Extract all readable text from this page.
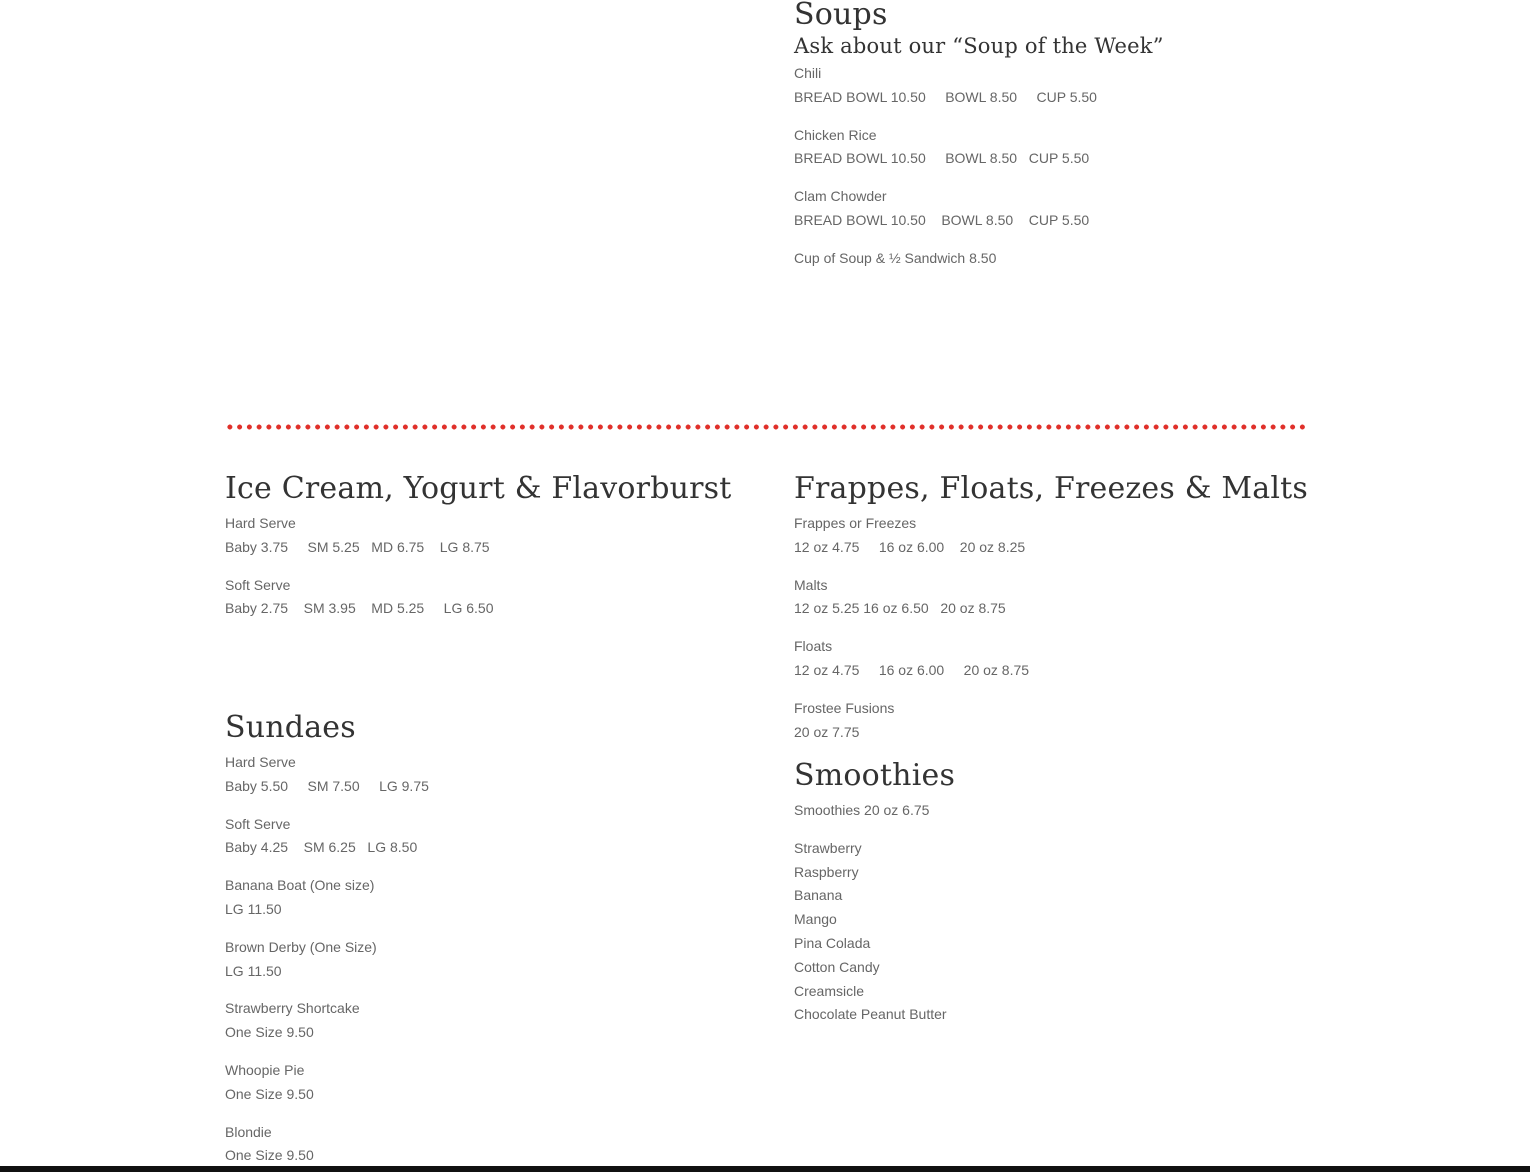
Soups
Ask about our “Soup of the Week”
Chili
BREAD BOWL 10.50     BOWL 8.50     CUP 5.50
Chicken Rice
BREAD BOWL 10.50     BOWL 8.50   CUP 5.50
Clam Chowder
BREAD BOWL 10.50    BOWL 8.50    CUP 5.50
Cup of Soup & ½ Sandwich 8.50
Ice Cream, Yogurt & Flavorburst
Hard Serve
Baby 3.75     SM 5.25   MD 6.75    LG 8.75
Soft Serve
Baby 2.75    SM 3.95    MD 5.25     LG 6.50
Sundaes
Hard Serve
Baby 5.50     SM 7.50     LG 9.75
Soft Serve
Baby 4.25    SM 6.25   LG 8.50
Banana Boat (One size)
LG 11.50
Brown Derby (One Size)
LG 11.50
Strawberry Shortcake
One Size 9.50
Whoopie Pie
One Size 9.50
Blondie
One Size 9.50
Frappes, Floats, Freezes & Malts
Frappes or Freezes
12 oz 4.75     16 oz 6.00    20 oz 8.25
Malts
12 oz 5.25 16 oz 6.50   20 oz 8.75
Floats
12 oz 4.75     16 oz 6.00     20 oz 8.75
Frostee Fusions
20 oz 7.75
Smoothies
Smoothies 20 oz 6.75
Strawberry
Raspberry
Banana
Mango
Pina Colada
Cotton Candy
Creamsicle
Chocolate Peanut Butter
